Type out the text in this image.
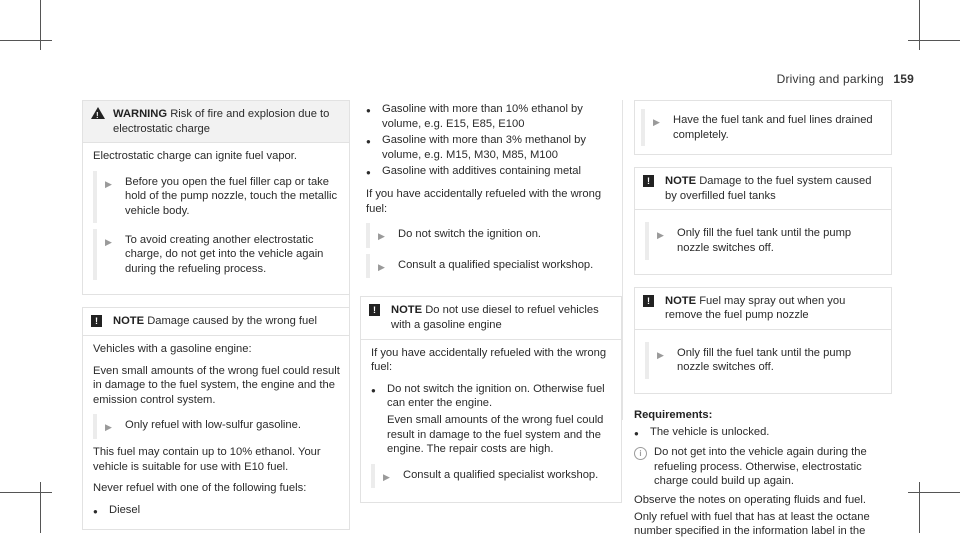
Driving and parking 159
! WARNING Risk of fire and explosion due to electrostatic charge

Electrostatic charge can ignite fuel vapor.

▶	Before you open the fuel filler cap or take hold of the pump nozzle, touch the metallic vehicle body.
▶	To avoid creating another electrostatic charge, do not get into the vehicle again during the refueling process.
!	NOTE Damage caused by the wrong fuel

Vehicles with a gasoline engine:

Even small amounts of the wrong fuel could result in damage to the fuel system, the engine and the emission control system.

▶	Only refuel with low-sulfur gasoline.

This fuel may contain up to 10% ethanol. Your vehicle is suitable for use with E10 fuel.

Never refuel with one of the following fuels:

● Diesel
● Gasoline with more than 10% ethanol by volume, e.g. E15, E85, E100
● Gasoline with more than 3% methanol by volume, e.g. M15, M30, M85, M100
● Gasoline with additives containing metal

If you have accidentally refueled with the wrong fuel:

▶	Do not switch the ignition on.
▶	Consult a qualified specialist workshop.
!	NOTE Do not use diesel to refuel vehicles with a gasoline engine

If you have accidentally refueled with the wrong fuel:

● Do not switch the ignition on. Otherwise fuel can enter the engine.

Even small amounts of the wrong fuel could result in damage to the fuel system and the engine. The repair costs are high.

▶	Consult a qualified specialist workshop.
▶	Have the fuel tank and fuel lines drained completely.
!	NOTE Damage to the fuel system caused by overfilled fuel tanks
▶	Only fill the fuel tank until the pump nozzle switches off.
!	NOTE Fuel may spray out when you remove the fuel pump nozzle
▶	Only fill the fuel tank until the pump nozzle switches off.
Requirements:
● The vehicle is unlocked.
i	Do not get into the vehicle again during the refueling process. Otherwise, electrostatic charge could build up again.

Observe the notes on operating fluids and fuel.

Only refuel with fuel that has at least the octane number specified in the information label in the
